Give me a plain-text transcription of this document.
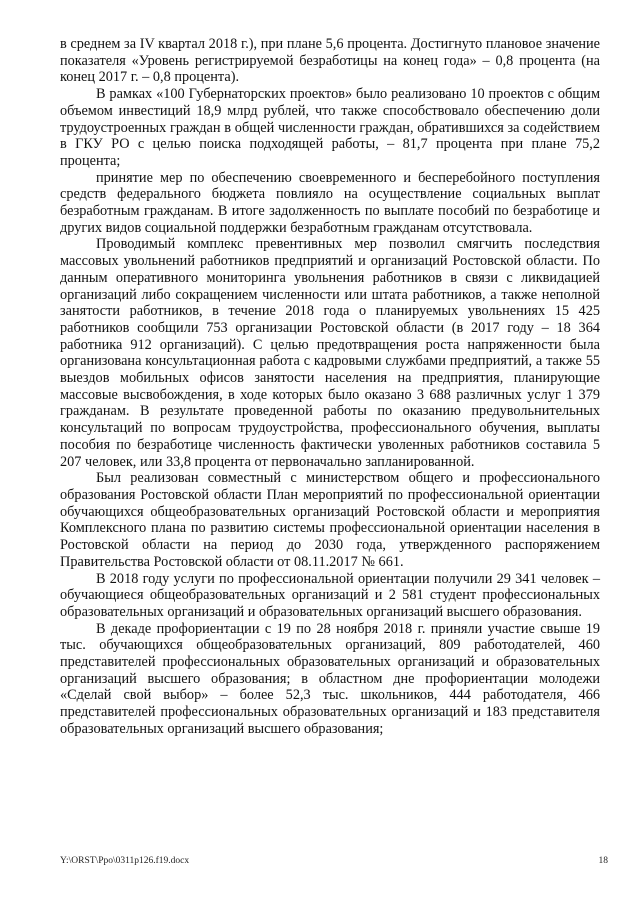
в среднем за IV квартал 2018 г.), при плане 5,6 процента. Достигнуто плановое значение показателя «Уровень регистрируемой безработицы на конец года» – 0,8 процента (на конец 2017 г. – 0,8 процента).

В рамках «100 Губернаторских проектов» было реализовано 10 проектов с общим объемом инвестиций 18,9 млрд рублей, что также способствовало обеспечению доли трудоустроенных граждан в общей численности граждан, обратившихся за содействием в ГКУ РО с целью поиска подходящей работы, – 81,7 процента при плане 75,2 процента;

принятие мер по обеспечению своевременного и бесперебойного поступления средств федерального бюджета повлияло на осуществление социальных выплат безработным гражданам. В итоге задолженность по выплате пособий по безработице и других видов социальной поддержки безработным гражданам отсутствовала.

Проводимый комплекс превентивных мер позволил смягчить последствия массовых увольнений работников предприятий и организаций Ростовской области. По данным оперативного мониторинга увольнения работников в связи с ликвидацией организаций либо сокращением численности или штата работников, а также неполной занятости работников, в течение 2018 года о планируемых увольнениях 15 425 работников сообщили 753 организации Ростовской области (в 2017 году – 18 364 работника 912 организаций). С целью предотвращения роста напряженности была организована консультационная работа с кадровыми службами предприятий, а также 55 выездов мобильных офисов занятости населения на предприятия, планирующие массовые высвобождения, в ходе которых было оказано 3 688 различных услуг 1 379 гражданам. В результате проведенной работы по оказанию предувольнительных консультаций по вопросам трудоустройства, профессионального обучения, выплаты пособия по безработице численность фактически уволенных работников составила 5 207 человек, или 33,8 процента от первоначально запланированной.

Был реализован совместный с министерством общего и профессионального образования Ростовской области План мероприятий по профессиональной ориентации обучающихся общеобразовательных организаций Ростовской области и мероприятия Комплексного плана по развитию системы профессиональной ориентации населения в Ростовской области на период до 2030 года, утвержденного распоряжением Правительства Ростовской области от 08.11.2017 № 661.

В 2018 году услуги по профессиональной ориентации получили 29 341 человек – обучающиеся общеобразовательных организаций и 2 581 студент профессиональных образовательных организаций и образовательных организаций высшего образования.

В декаде профориентации с 19 по 28 ноября 2018 г. приняли участие свыше 19 тыс. обучающихся общеобразовательных организаций, 809 работодателей, 460 представителей профессиональных образовательных организаций и образовательных организаций высшего образования; в областном дне профориентации молодежи «Сделай свой выбор» – более 52,3 тыс. школьников, 444 работодателя, 466 представителей профессиональных образовательных организаций и 183 представителя образовательных организаций высшего образования;

Y:\ORST\Ppo\0311p126.f19.docx	18
